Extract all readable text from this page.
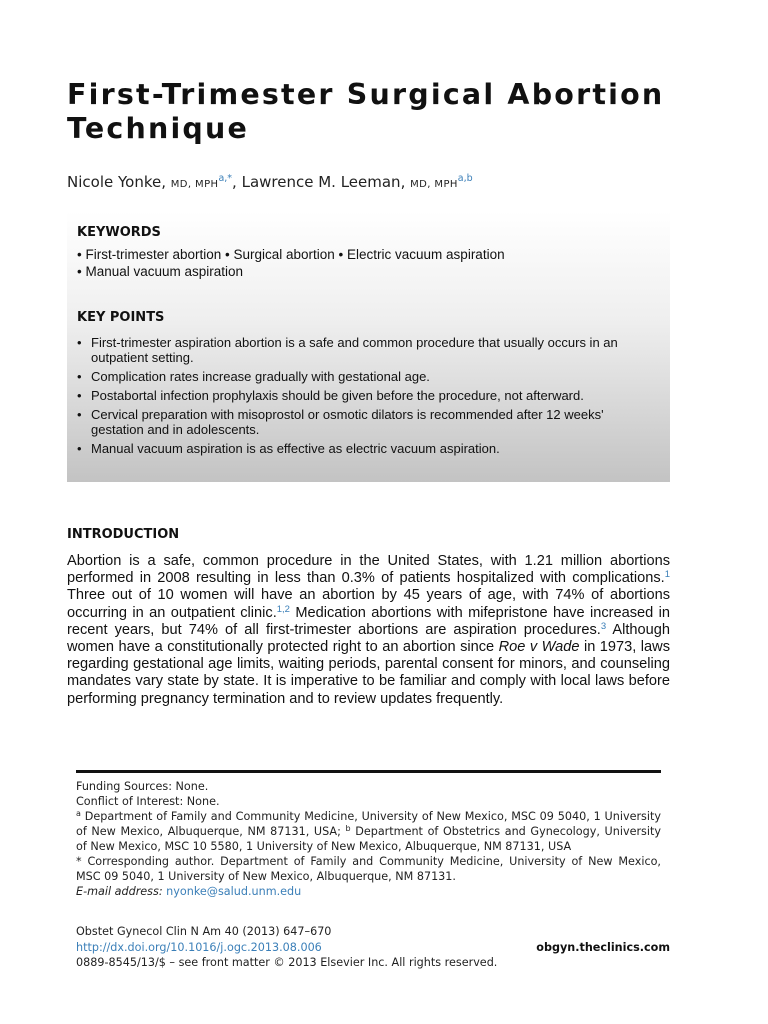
First-Trimester Surgical Abortion Technique

Nicole Yonke, MD, $MPH^{a,*}$, Lawrence M. Leeman, MD, MPH$^{a,b}$

KEYWORDS
• First-trimester abortion • Surgical abortion • Electric vacuum aspiration
• Manual vacuum aspiration
KEY POINTS
• First-trimester aspiration abortion is a safe and common procedure that usually occurs in an outpatient setting.
• Complication rates increase gradually with gestational age.
• Postabortal infection prophylaxis should be given before the procedure, not afterward.
• Cervical preparation with misoprostol or osmotic dilators is recommended after 12 weeks' gestation and in adolescents.
• Manual vacuum aspiration is as effective as electric vacuum aspiration.
INTRODUCTION

Abortion is a safe, common procedure in the United States, with 1.21 million abortions performed in 2008 resulting in less than 0.3% of patients hospitalized with complications.$^1$ Three out of 10 women will have an abortion by 45 years of age, with 74% of abortions occurring in an outpatient clinic.$^{1,2}$ Medication abortions with mifepristone have increased in recent years, but 74% of all first-trimester abortions are aspiration procedures.$^3$ Although women have a constitutionally protected right to an abortion since Roe v Wade in 1973, laws regarding gestational age limits, waiting periods, parental consent for minors, and counseling mandates vary state by state. It is imperative to be familiar and comply with local laws before performing pregnancy termination and to review updates frequently.

Funding Sources: None.

Conflict of Interest: None.

$^a$ Department of Family and Community Medicine, University of New Mexico, MSC 09 5040, 1 University of New Mexico, Albuquerque, NM 87131, USA; $^b$ Department of Obstetrics and Gynecology, University of New Mexico, MSC 10 5580, 1 University of New Mexico, Albuquerque, NM 87131, USA

* Corresponding author. Department of Family and Community Medicine, University of New Mexico, MSC 09 5040, 1 University of New Mexico, Albuquerque, NM 87131.

E-mail address: nyonke@salud.unm.edu

Obstet Gynecol Clin N Am 40 (2013) 647–670

http://dx.doi.org/10.1016/j.ogc.2013.08.006	obgyn.theclinics.com

0889-8545/13/$ – see front matter © 2013 Elsevier Inc. All rights reserved.
